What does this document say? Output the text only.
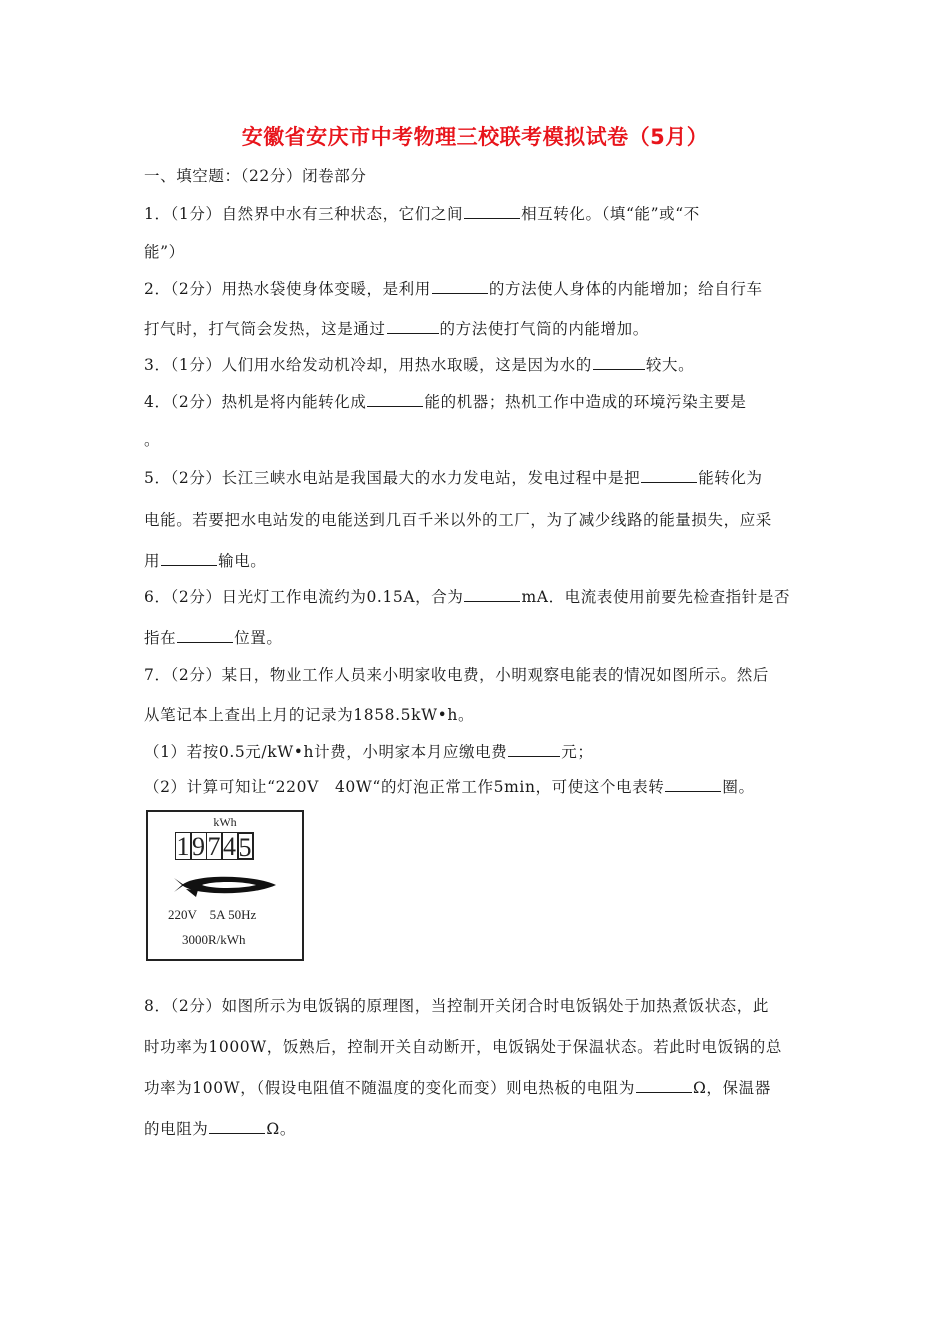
安徽省安庆市中考物理三校联考模拟试卷（5月）
一、填空题：（22分）闭卷部分
1．（1分）自然界中水有三种状态，它们之间	相互转化。（填“能”或“不
能”）
2．（2分）用热水袋使身体变暖，是利用	的方法使人身体的内能增加；给自行车
打气时，打气筒会发热，这是通过	的方法使打气筒的内能增加。
3．（1分）人们用水给发动机冷却，用热水取暖，这是因为水的	较大。
4．（2分）热机是将内能转化成	能的机器；热机工作中造成的环境污染主要是
。
5．（2分）长江三峡水电站是我国最大的水力发电站，发电过程中是把	能转化为
电能。若要把水电站发的电能送到几百千米以外的工厂，为了减少线路的能量损失，应采
用	输电。
6．（2分）日光灯工作电流约为0.15A，合为	mA．电流表使用前要先检查指针是否
指在	位置。
7．（2分）某日，物业工作人员来小明家收电费，小明观察电能表的情况如图所示。然后
从笔记本上查出上月的记录为1858.5kW•h。
（1）若按0.5元/kW•h计费，小明家本月应缴电费	元；
（2）计算可知让“220V　40W“的灯泡正常工作5min，可使这个电表转	圈。
kWh
1 9 7 4 5
220V　5A 50Hz
3000R/kWh
8．（2分）如图所示为电饭锅的原理图，当控制开关闭合时电饭锅处于加热煮饭状态，此
时功率为1000W，饭熟后，控制开关自动断开，电饭锅处于保温状态。若此时电饭锅的总
功率为100W，（假设电阻值不随温度的变化而变）则电热板的电阻为	Ω，保温器
的电阻为	Ω。
